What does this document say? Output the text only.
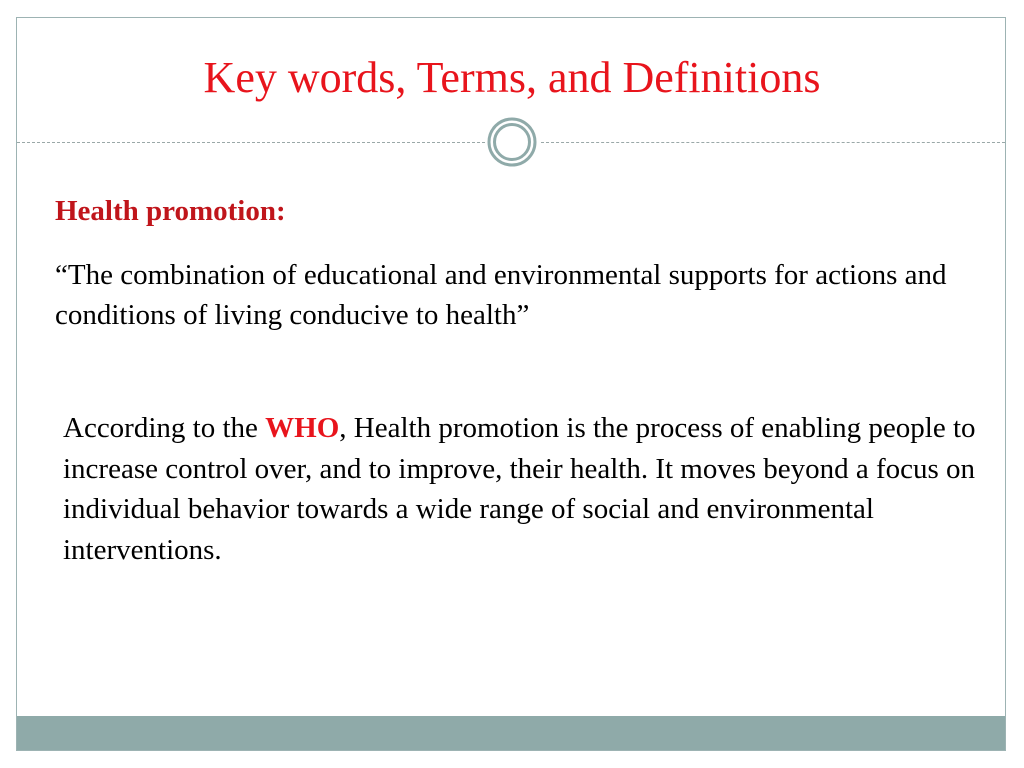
Key words, Terms, and Definitions
Health promotion:

“The combination of educational and environmental supports for actions and conditions of living conducive to health”

According to the WHO, Health promotion is the process of enabling people to increase control over, and to improve, their health. It moves beyond a focus on individual behavior towards a wide range of social and environmental interventions.
